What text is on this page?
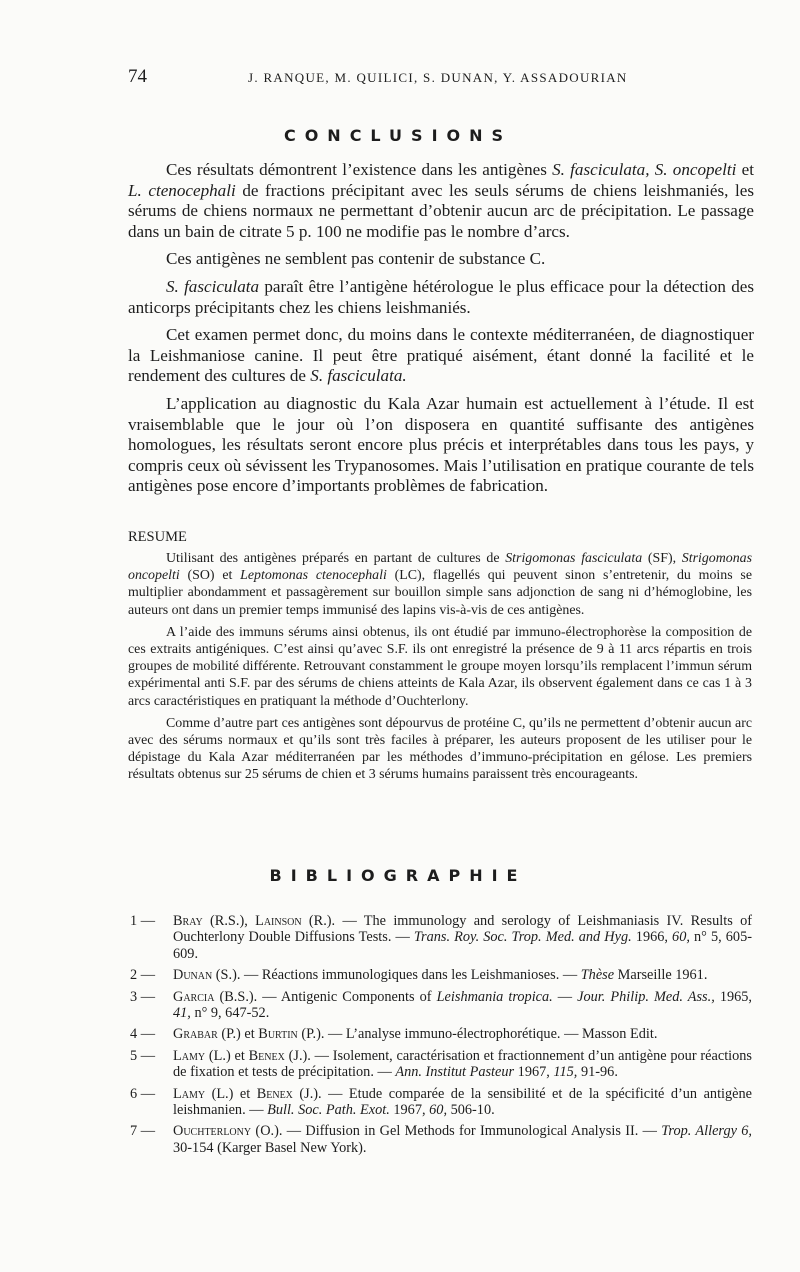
74	J. RANQUE, M. QUILICI, S. DUNAN, Y. ASSADOURIAN
CONCLUSIONS

Ces résultats démontrent l’existence dans les antigènes S. fasciculata, S. oncopelti et L. ctenocephali de fractions précipitant avec les seuls sérums de chiens leishmaniés, les sérums de chiens normaux ne permettant d’obtenir aucun arc de précipitation. Le passage dans un bain de citrate 5 p. 100 ne modifie pas le nombre d’arcs.

Ces antigènes ne semblent pas contenir de substance C.

S. fasciculata paraît être l’antigène hétérologue le plus efficace pour la détection des anticorps précipitants chez les chiens leishmaniés.

Cet examen permet donc, du moins dans le contexte méditerranéen, de diagnostiquer la Leishmaniose canine. Il peut être pratiqué aisément, étant donné la facilité et le rendement des cultures de S. fasciculata.

L’application au diagnostic du Kala Azar humain est actuellement à l’étude. Il est vraisemblable que le jour où l’on disposera en quantité suffisante des antigènes homologues, les résultats seront encore plus précis et interprétables dans tous les pays, y compris ceux où sévissent les Trypanosomes. Mais l’utilisation en pratique courante de tels antigènes pose encore d’importants problèmes de fabrication.

RESUME

Utilisant des antigènes préparés en partant de cultures de Strigomonas fasciculata (SF), Strigomonas oncopelti (SO) et Leptomonas ctenocephali (LC), flagellés qui peuvent sinon s’entretenir, du moins se multiplier abondamment et passagèrement sur bouillon simple sans adjonction de sang ni d’hémoglobine, les auteurs ont dans un premier temps immunisé des lapins vis-à-vis de ces antigènes.

A l’aide des immuns sérums ainsi obtenus, ils ont étudié par immuno-électrophorèse la composition de ces extraits antigéniques. C’est ainsi qu’avec S.F. ils ont enregistré la présence de 9 à 11 arcs répartis en trois groupes de mobilité différente. Retrouvant constamment le groupe moyen lorsqu’ils remplacent l’immun sérum expérimental anti S.F. par des sérums de chiens atteints de Kala Azar, ils observent également dans ce cas 1 à 3 arcs caractéristiques en pratiquant la méthode d’Ouchterlony.

Comme d’autre part ces antigènes sont dépourvus de protéine C, qu’ils ne permettent d’obtenir aucun arc avec des sérums normaux et qu’ils sont très faciles à préparer, les auteurs proposent de les utiliser pour le dépistage du Kala Azar méditerranéen par les méthodes d’immuno-précipitation en gélose. Les premiers résultats obtenus sur 25 sérums de chien et 3 sérums humains paraissent très encourageants.

BIBLIOGRAPHIE
1 — Bray (R.S.), Lainson (R.). — The immunology and serology of Leishmaniasis IV. Results of Ouchterlony Double Diffusions Tests. — Trans. Roy. Soc. Trop. Med. and Hyg. 1966, 60, n° 5, 605-609.
2 — Dunan (S.). — Réactions immunologiques dans les Leishmanioses. — Thèse Marseille 1961.
3 — Garcia (B.S.). — Antigenic Components of Leishmania tropica. — Jour. Philip. Med. Ass., 1965, 41, n° 9, 647-52.
4 — Grabar (P.) et Burtin (P.). — L’analyse immuno-électrophorétique. — Masson Edit.
5 — Lamy (L.) et Benex (J.). — Isolement, caractérisation et fractionnement d’un antigène pour réactions de fixation et tests de précipitation. — Ann. Institut Pasteur 1967, 115, 91-96.
6 — Lamy (L.) et Benex (J.). — Etude comparée de la sensibilité et de la spécificité d’un antigène leishmanien. — Bull. Soc. Path. Exot. 1967, 60, 506-10.
7 — Ouchterlony (O.). — Diffusion in Gel Methods for Immunological Analysis II. — Trop. Allergy 6, 30-154 (Karger Basel New York).
